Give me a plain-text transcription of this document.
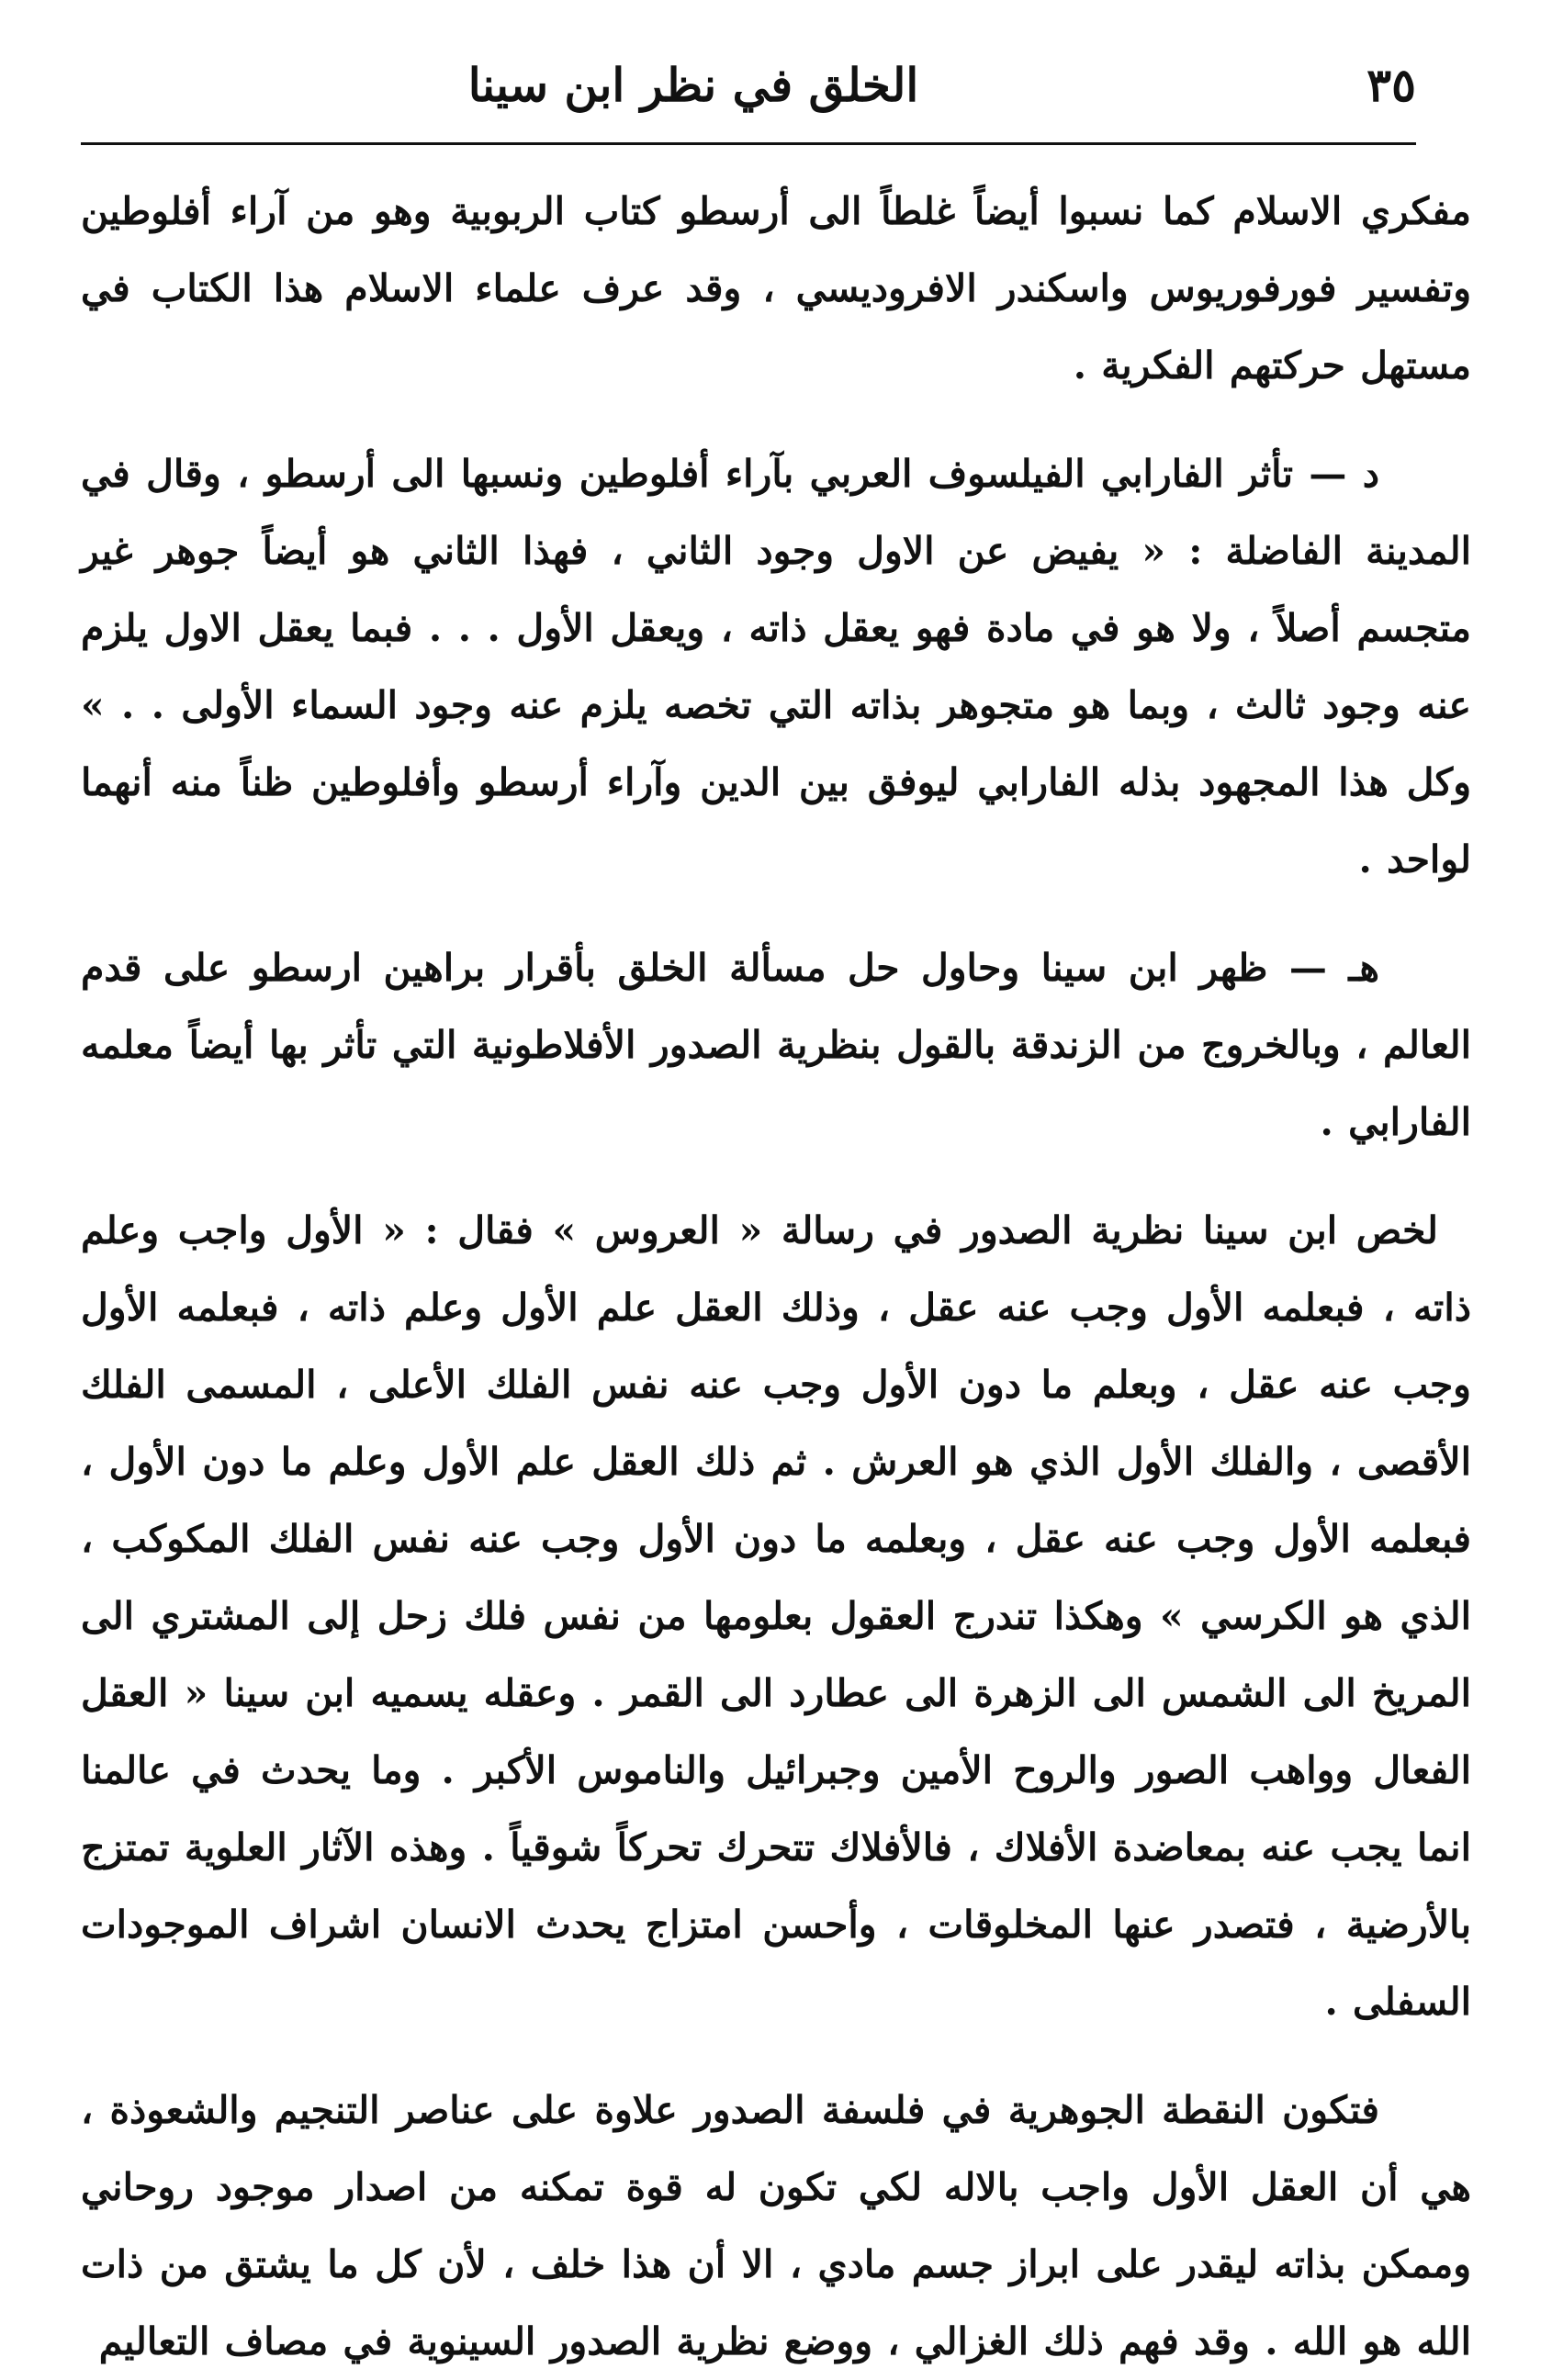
٣٥
الخلق في نظر ابن سينا

مفكري الاسلام كما نسبوا أيضاً غلطاً الى أرسطو كتاب الربوبية وهو من آراء أفلوطين وتفسير فورفوريوس واسكندر الافروديسي ، وقد عرف علماء الاسلام هذا الكتاب في مستهل حركتهم الفكرية .

د — تأثر الفارابي الفيلسوف العربي بآراء أفلوطين ونسبها الى أرسطو ، وقال في المدينة الفاضلة : « يفيض عن الاول وجود الثاني ، فهذا الثاني هو أيضاً جوهر غير متجسم أصلاً ، ولا هو في مادة فهو يعقل ذاته ، ويعقل الأول . . . فبما يعقل الاول يلزم عنه وجود ثالث ، وبما هو متجوهر بذاته التي تخصه يلزم عنه وجود السماء الأولى . . » وكل هذا المجهود بذله الفارابي ليوفق بين الدين وآراء أرسطو وأفلوطين ظناً منه أنهما لواحد .

هـ — ظهر ابن سينا وحاول حل مسألة الخلق بأقرار براهين ارسطو على قدم العالم ، وبالخروج من الزندقة بالقول بنظرية الصدور الأفلاطونية التي تأثر بها أيضاً معلمه الفارابي .

لخص ابن سينا نظرية الصدور في رسالة « العروس » فقال : « الأول واجب وعلم ذاته ، فبعلمه الأول وجب عنه عقل ، وذلك العقل علم الأول وعلم ذاته ، فبعلمه الأول وجب عنه عقل ، وبعلم ما دون الأول وجب عنه نفس الفلك الأعلى ، المسمى الفلك الأقصى ، والفلك الأول الذي هو العرش . ثم ذلك العقل علم الأول وعلم ما دون الأول ، فبعلمه الأول وجب عنه عقل ، وبعلمه ما دون الأول وجب عنه نفس الفلك المكوكب ، الذي هو الكرسي » وهكذا تندرج العقول بعلومها من نفس فلك زحل إلى المشتري الى المريخ الى الشمس الى الزهرة الى عطارد الى القمر . وعقله يسميه ابن سينا « العقل الفعال وواهب الصور والروح الأمين وجبرائيل والناموس الأكبر . وما يحدث في عالمنا انما يجب عنه بمعاضدة الأفلاك ، فالأفلاك تتحرك تحركاً شوقياً . وهذه الآثار العلوية تمتزج بالأرضية ، فتصدر عنها المخلوقات ، وأحسن امتزاج يحدث الانسان اشراف الموجودات السفلى .

فتكون النقطة الجوهرية في فلسفة الصدور علاوة على عناصر التنجيم والشعوذة ، هي أن العقل الأول واجب بالاله لكي تكون له قوة تمكنه من اصدار موجود روحاني وممكن بذاته ليقدر على ابراز جسم مادي ، الا أن هذا خلف ، لأن كل ما يشتق من ذات الله هو الله . وقد فهم ذلك الغزالي ، ووضع نظرية الصدور السينوية في مصاف التعاليم
